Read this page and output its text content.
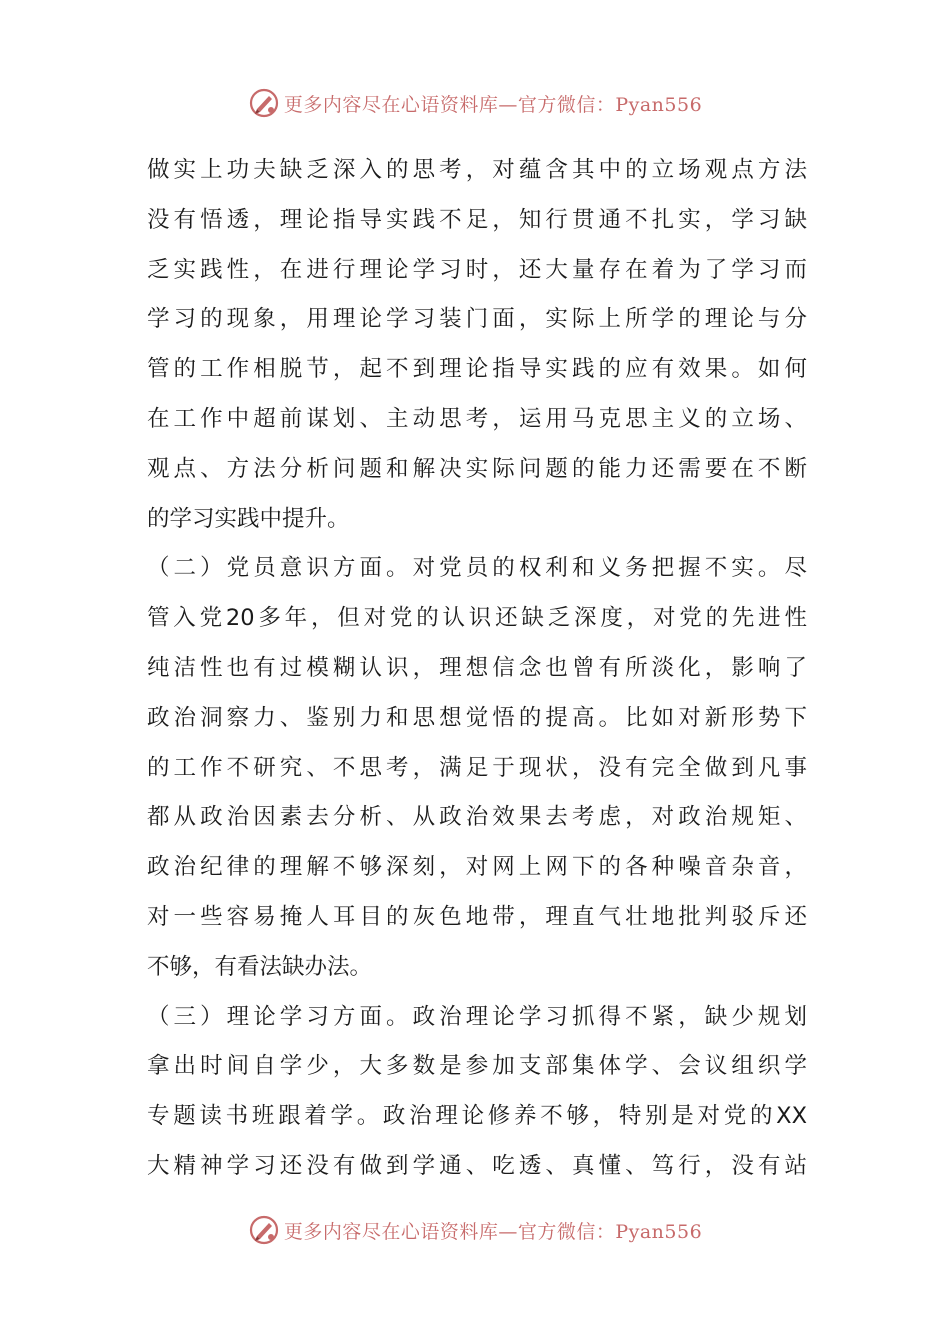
更多内容尽在心语资料库—官方微信：Pyan556
做实上功夫缺乏深入的思考，对蕴含其中的立场观点方法
没有悟透，理论指导实践不足，知行贯通不扎实，学习缺
乏实践性，在进行理论学习时，还大量存在着为了学习而
学习的现象，用理论学习装门面，实际上所学的理论与分
管的工作相脱节，起不到理论指导实践的应有效果。如何
在工作中超前谋划、主动思考，运用马克思主义的立场、
观点、方法分析问题和解决实际问题的能力还需要在不断
的学习实践中提升。
（二）党员意识方面。对党员的权利和义务把握不实。尽
管入党20多年，但对党的认识还缺乏深度，对党的先进性
纯洁性也有过模糊认识，理想信念也曾有所淡化，影响了
政治洞察力、鉴别力和思想觉悟的提高。比如对新形势下
的工作不研究、不思考，满足于现状，没有完全做到凡事
都从政治因素去分析、从政治效果去考虑，对政治规矩、
政治纪律的理解不够深刻，对网上网下的各种噪音杂音，
对一些容易掩人耳目的灰色地带，理直气壮地批判驳斥还
不够，有看法缺办法。
（三）理论学习方面。政治理论学习抓得不紧，缺少规划
拿出时间自学少，大多数是参加支部集体学、会议组织学
专题读书班跟着学。政治理论修养不够，特别是对党的XX
大精神学习还没有做到学通、吃透、真懂、笃行，没有站
更多内容尽在心语资料库—官方微信：Pyan556
